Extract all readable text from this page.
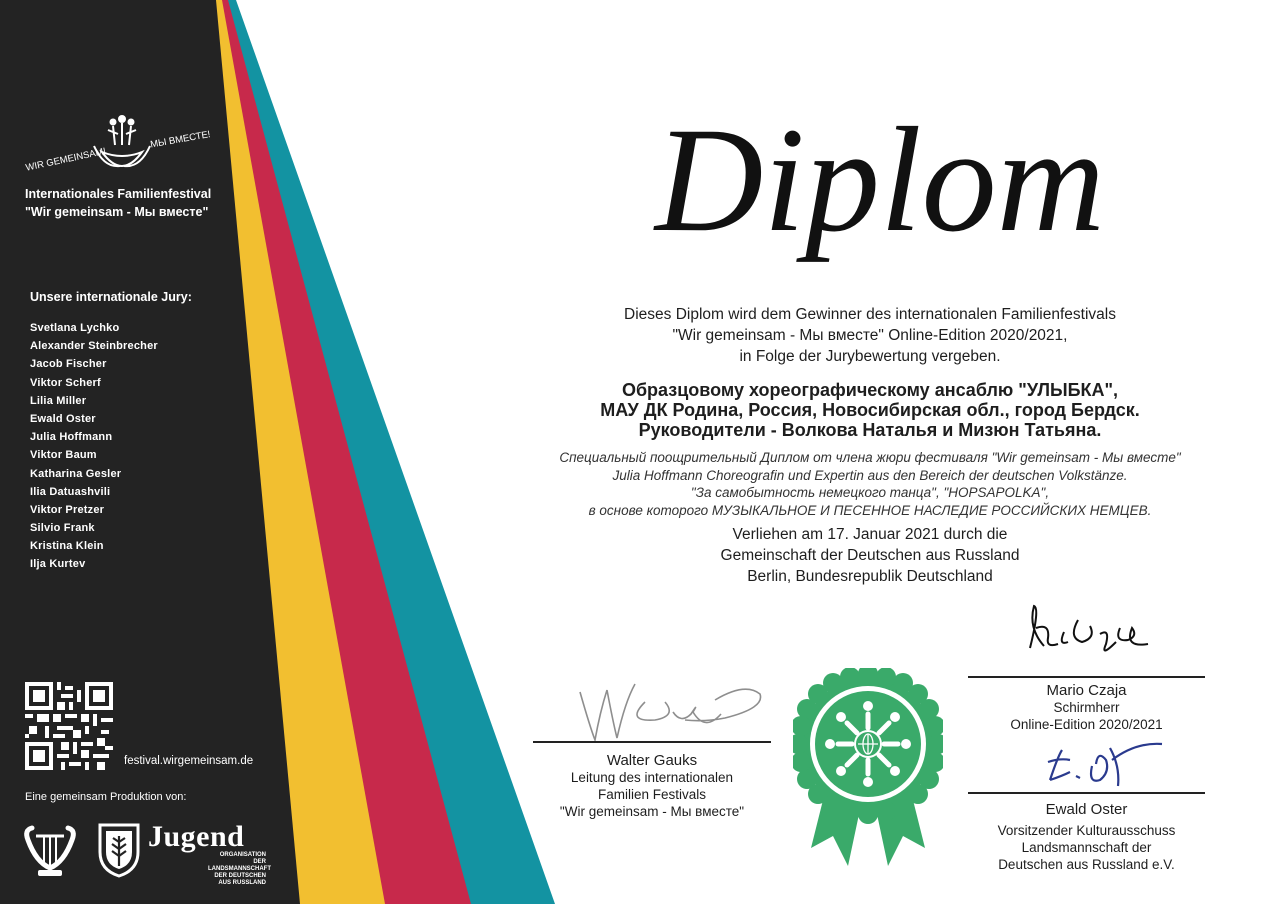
WIR GEMEINSAM!
МЫ ВМЕСТЕ!
Internationales Familienfestival
"Wir gemeinsam - Мы вместе"
Unsere internationale Jury:
Svetlana Lychko
Alexander Steinbrecher
Jacob Fischer
Viktor Scherf
Lilia Miller
Ewald Oster
Julia Hoffmann
Viktor Baum
Katharina Gesler
Ilia Datuashvili
Viktor Pretzer
Silvio Frank
Kristina Klein
Ilja Kurtev
festival.wirgemeinsam.de
Eine gemeinsam Produktion von:
Jugend
ORGANISATION
DER LANDSMANNSCHAFT
DER DEUTSCHEN AUS RUSSLAND
Diplom
Dieses Diplom wird dem Gewinner des internationalen Familienfestivals
"Wir gemeinsam - Мы вместе" Online-Edition 2020/2021,
in Folge der Jurybewertung vergeben.
Образцовому хореографическому ансаблю "УЛЫБКА",
МАУ ДК Родина, Россия, Новосибирская обл., город Бердск.
Руководители - Волкова Наталья и Мизюн Татьяна.
Специальный поощрительный Диплом от члена жюри фестиваля "Wir gemeinsam - Мы вместе"
Julia Hoffmann Choreografin und Expertin aus den Bereich der deutschen Volkstänze.
"За самобытность немецкого танца", "HOPSAPOLKA",
в основе которого МУЗЫКАЛЬНОЕ И ПЕСЕННОЕ НАСЛЕДИЕ РОССИЙСКИХ НЕМЦЕВ.
Verliehen am 17. Januar 2021 durch die
Gemeinschaft der Deutschen aus Russland
Berlin, Bundesrepublik Deutschland
Mario Czaja
Schirmherr
Online-Edition 2020/2021
Walter Gauks
Leitung des internationalen
Familien Festivals
"Wir gemeinsam - Мы вместе"	Ewald Oster
Vorsitzender Kulturausschuss
Landsmannschaft der
Deutschen aus Russland e.V.
